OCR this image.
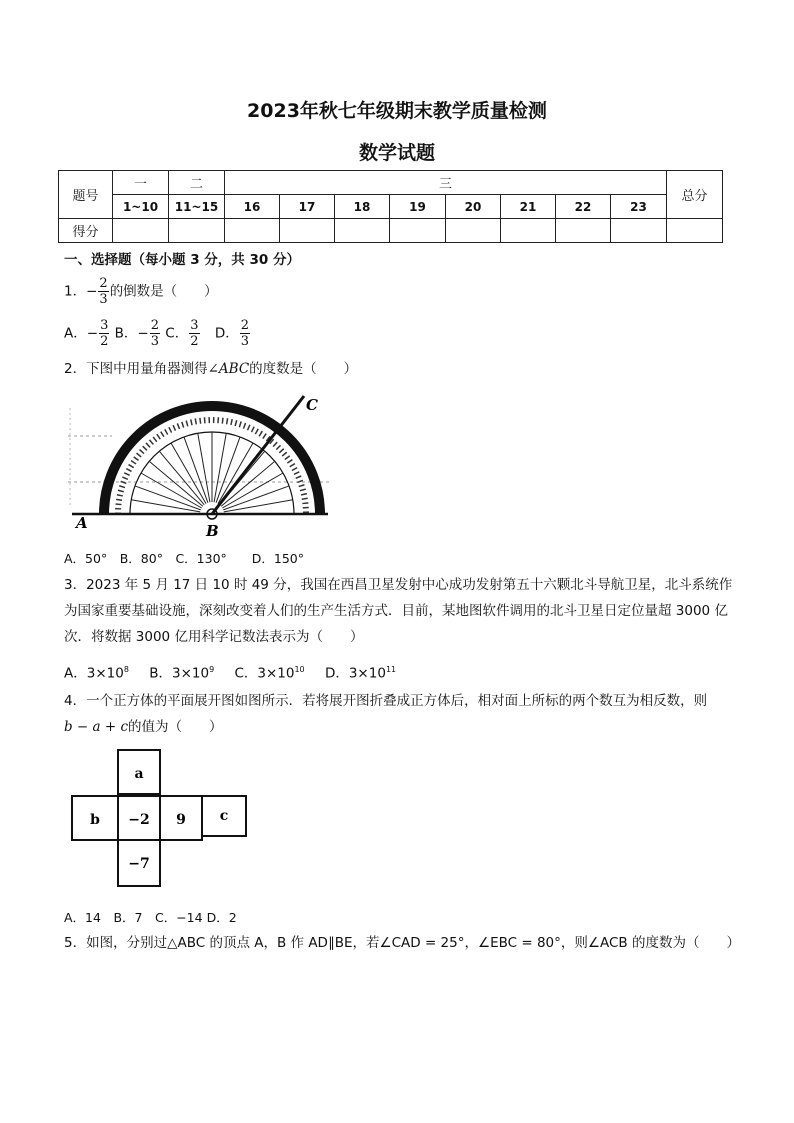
2023年秋七年级期末教学质量检测
数学试题
题号	一	二	三								总分
	1~10	11~15	16	17	18	19	20	21	22	23	
得分											
一、选择题（每小题 3 分，共 30 分）
1．− $\frac{2}{3}$ 的倒数是（　　）
A．− $\frac{3}{2}$ B．− $\frac{2}{3}$ C． $\frac{3}{2}$ D． $\frac{2}{3}$
2．下图中用量角器测得∠ABC的度数是（　　）
A	B
C
A．50°　B．80°　C．130°　　D．150°
3．2023 年 5 月 17 日 10 时 49 分，我国在西昌卫星发射中心成功发射第五十六颗北斗导航卫星，北斗系统作为国家重要基础设施，深刻改变着人们的生产生活方式．目前，某地图软件调用的北斗卫星日定位量超 3000 亿次．将数据 3000 亿用科学记数法表示为（　　）
A．$3\times 10^8$ B．$3\times 10^9$ C．$3\times 10^{10}$ D．$3\times 10^{11}$
4．一个正方体的平面展开图如图所示．若将展开图折叠成正方体后，相对面上所标的两个数互为相反数，则
b − a + c的值为（　　）
a
b −2 9 c
−7
A．14　B．7　C．−14 D．2
5．如图，分别过△ABC 的顶点 A，B 作 AD∥BE，若∠CAD = 25°，∠EBC = 80°，则∠ACB 的度数为（　　）
